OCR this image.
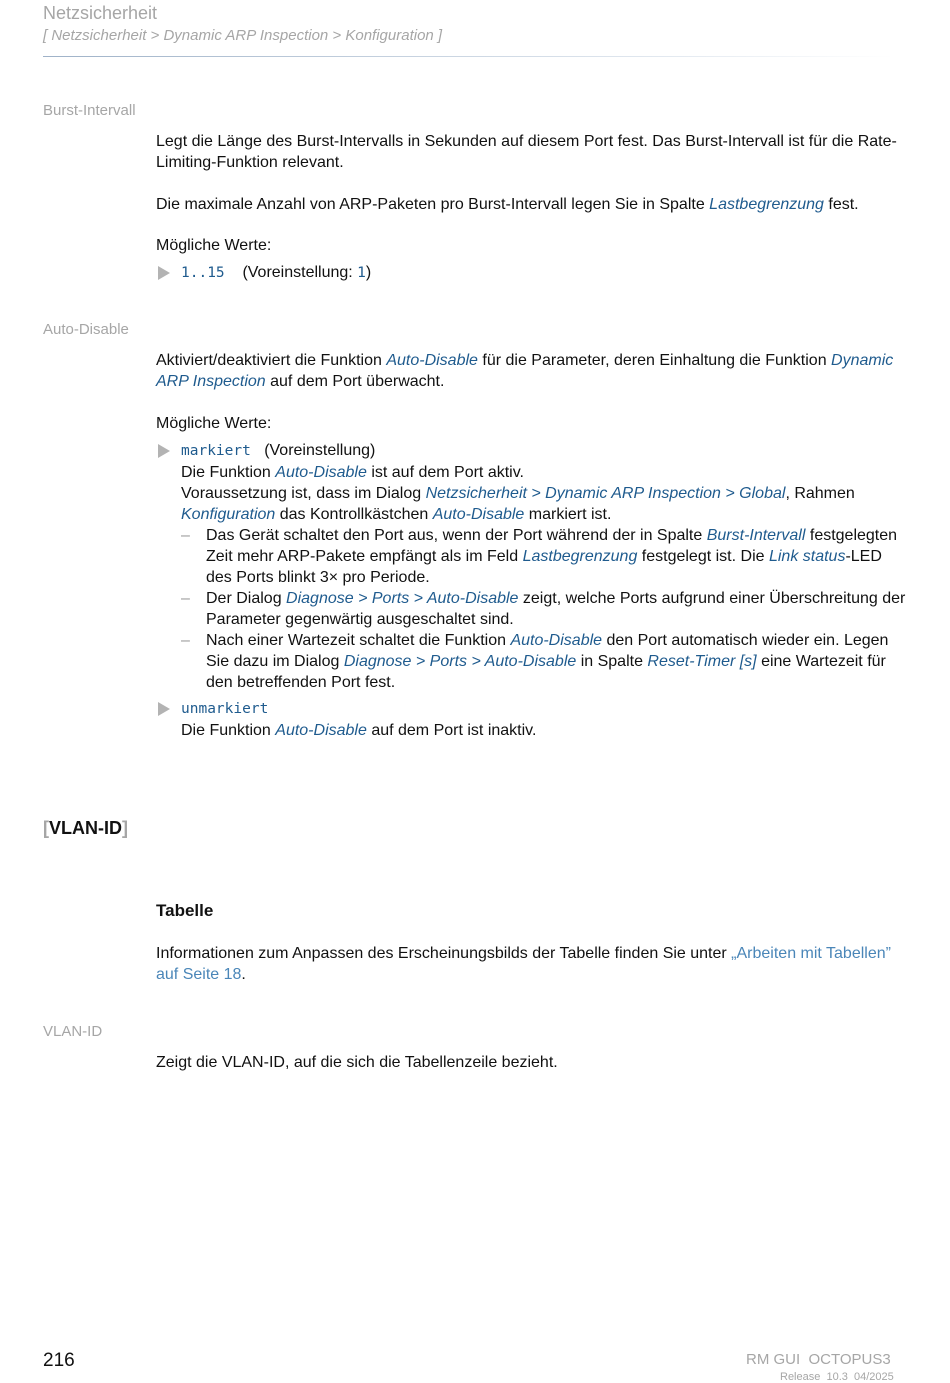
Netzsicherheit
[ Netzsicherheit > Dynamic ARP Inspection > Konfiguration ]
Burst-Intervall

Legt die Länge des Burst-Intervalls in Sekunden auf diesem Port fest. Das Burst-Intervall ist für die Rate-Limiting-Funktion relevant.

Die maximale Anzahl von ARP-Paketen pro Burst-Intervall legen Sie in Spalte Lastbegrenzung fest.

Mögliche Werte:

1..15 (Voreinstellung: 1)
Auto-Disable

Aktiviert/deaktiviert die Funktion Auto-Disable für die Parameter, deren Einhaltung die Funktion Dynamic ARP Inspection auf dem Port überwacht.

Mögliche Werte:

markiert (Voreinstellung)
Die Funktion Auto-Disable ist auf dem Port aktiv.
Voraussetzung ist, dass im Dialog Netzsicherheit > Dynamic ARP Inspection > Global, Rahmen Konfiguration das Kontrollkästchen Auto-Disable markiert ist.
– Das Gerät schaltet den Port aus, wenn der Port während der in Spalte Burst-Intervall festgelegten Zeit mehr ARP-Pakete empfängt als im Feld Lastbegrenzung festgelegt ist. Die Link status-LED des Ports blinkt 3× pro Periode.
– Der Dialog Diagnose > Ports > Auto-Disable zeigt, welche Ports aufgrund einer Überschreitung der Parameter gegenwärtig ausgeschaltet sind.
– Nach einer Wartezeit schaltet die Funktion Auto-Disable den Port automatisch wieder ein. Legen Sie dazu im Dialog Diagnose > Ports > Auto-Disable in Spalte Reset-Timer [s] eine Wartezeit für den betreffenden Port fest.
unmarkiert
Die Funktion Auto-Disable auf dem Port ist inaktiv.
[VLAN-ID]
Tabelle
Informationen zum Anpassen des Erscheinungsbilds der Tabelle finden Sie unter „Arbeiten mit Tabellen” auf Seite 18.
VLAN-ID
Zeigt die VLAN-ID, auf die sich die Tabellenzeile bezieht.
216	RM GUI  OCTOPUS3
Release  10.3  04/2025
